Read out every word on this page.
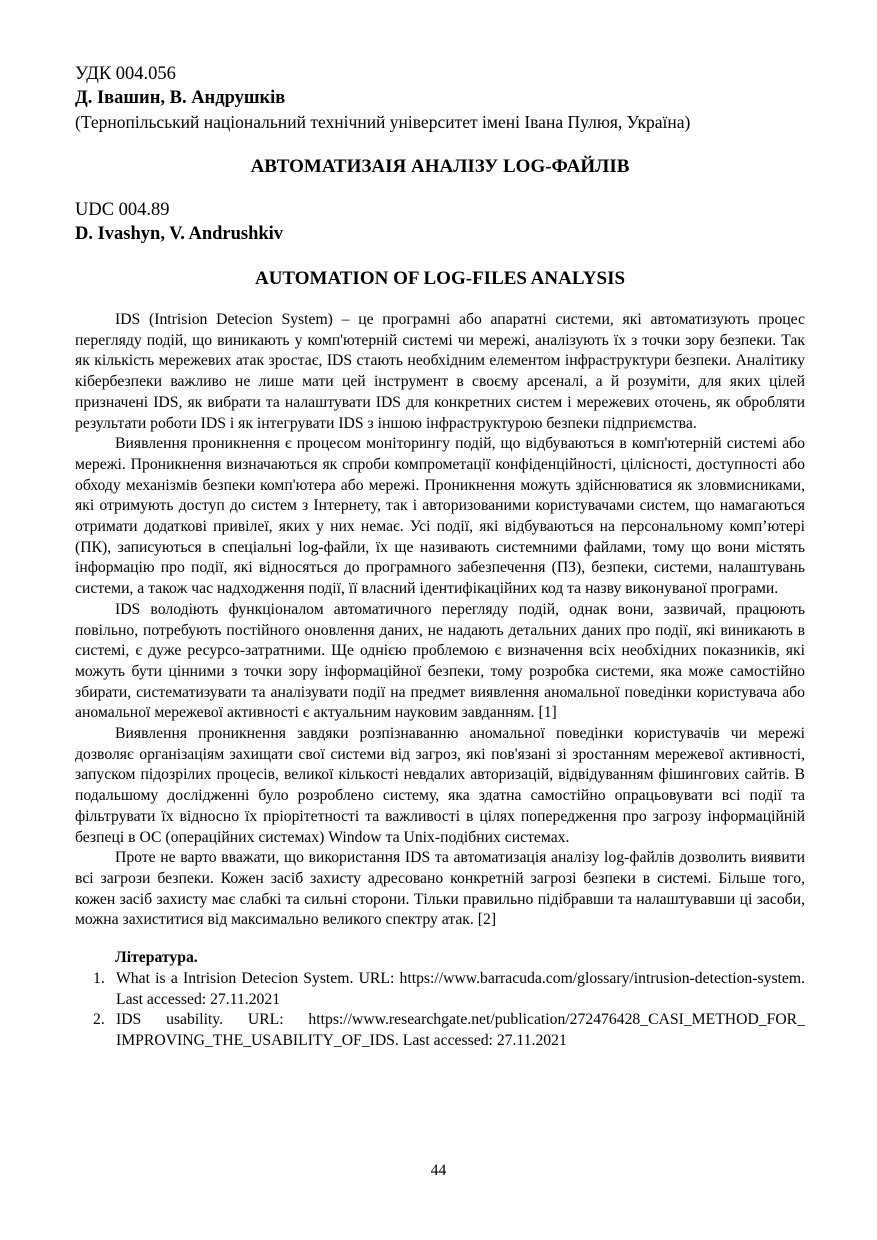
УДК 004.056

Д. Івашин, В. Андрушків

(Тернопільський національний технічний університет імені Івана Пулюя, Україна)

АВТОМАТИЗАІЯ АНАЛІЗУ LOG-ФАЙЛІВ

UDC 004.89

D. Ivashyn, V. Andrushkiv

AUTOMATION OF LOG-FILES ANALYSIS

IDS (Intrision Detecion System) – це програмні або апаратні системи, які автоматизують процес перегляду подій, що виникають у комп'ютерній системі чи мережі, аналізують їх з точки зору безпеки. Так як кількість мережевих атак зростає, IDS стають необхідним елементом інфраструктури безпеки. Аналітику кібербезпеки важливо не лише мати цей інструмент в своєму арсеналі, а й розуміти, для яких цілей призначені IDS, як вибрати та налаштувати IDS для конкретних систем і мережевих оточень, як обробляти результати роботи IDS і як інтегрувати IDS з іншою інфраструктурою безпеки підприємства.

Виявлення проникнення є процесом моніторингу подій, що відбуваються в комп'ютерній системі або мережі. Проникнення визначаються як спроби компрометації конфіденційності, цілісності, доступності або обходу механізмів безпеки комп'ютера або мережі. Проникнення можуть здійснюватися як зловмисниками, які отримують доступ до систем з Інтернету, так і авторизованими користувачами систем, що намагаються отримати додаткові привілеї, яких у них немає. Усі події, які відбуваються на персональному комп’ютері (ПК), записуються в спеціальні log-файли, їх ще називають системними файлами, тому що вони містять інформацію про події, які відносяться до програмного забезпечення (ПЗ), безпеки, системи, налаштувань системи, а також час надходження події, її власний ідентифікаційних код та назву виконуваної програми.

IDS володіють функціоналом автоматичного перегляду подій, однак вони, зазвичай, працюють повільно, потребують постійного оновлення даних, не надають детальних даних про події, які виникають в системі, є дуже ресурсо-затратними. Ще однією проблемою є визначення всіх необхідних показників, які можуть бути цінними з точки зору інформаційної безпеки, тому розробка системи, яка може самостійно збирати, систематизувати та аналізувати події на предмет виявлення аномальної поведінки користувача або аномальної мережевої активності є актуальним науковим завданням. [1]

Виявлення проникнення завдяки розпізнаванню аномальної поведінки користувачів чи мережі дозволяє організаціям захищати свої системи від загроз, які пов'язані зі зростанням мережевої активності, запуском підозрілих процесів, великої кількості невдалих авторизацій, відвідуванням фішингових сайтів. В подальшому дослідженні було розроблено систему, яка здатна самостійно опрацьовувати всі події та фільтрувати їх відносно їх пріорітетності та важливості в цілях попередження про загрозу інформаційній безпеці в ОС (операційних системах) Window та Unix-подібних системах.

Проте не варто вважати, що використання IDS та автоматизація аналізу log-файлів дозволить виявити всі загрози безпеки. Кожен засіб захисту адресовано конкретній загрозі безпеки в системі. Більше того, кожен засіб захисту має слабкі та сильні сторони. Тільки правильно підібравши та налаштувавши ці засоби, можна захиститися від максимально великого спектру атак. [2]

Література.

1. What is a Intrision Detecion System. URL: https://www.barracuda.com/glossary/intrusion-detection-system. Last accessed: 27.11.2021
2. IDS usability. URL: https://www.researchgate.net/publication/272476428_CASI_METHOD_FOR_ IMPROVING_THE_USABILITY_OF_IDS. Last accessed: 27.11.2021
44
